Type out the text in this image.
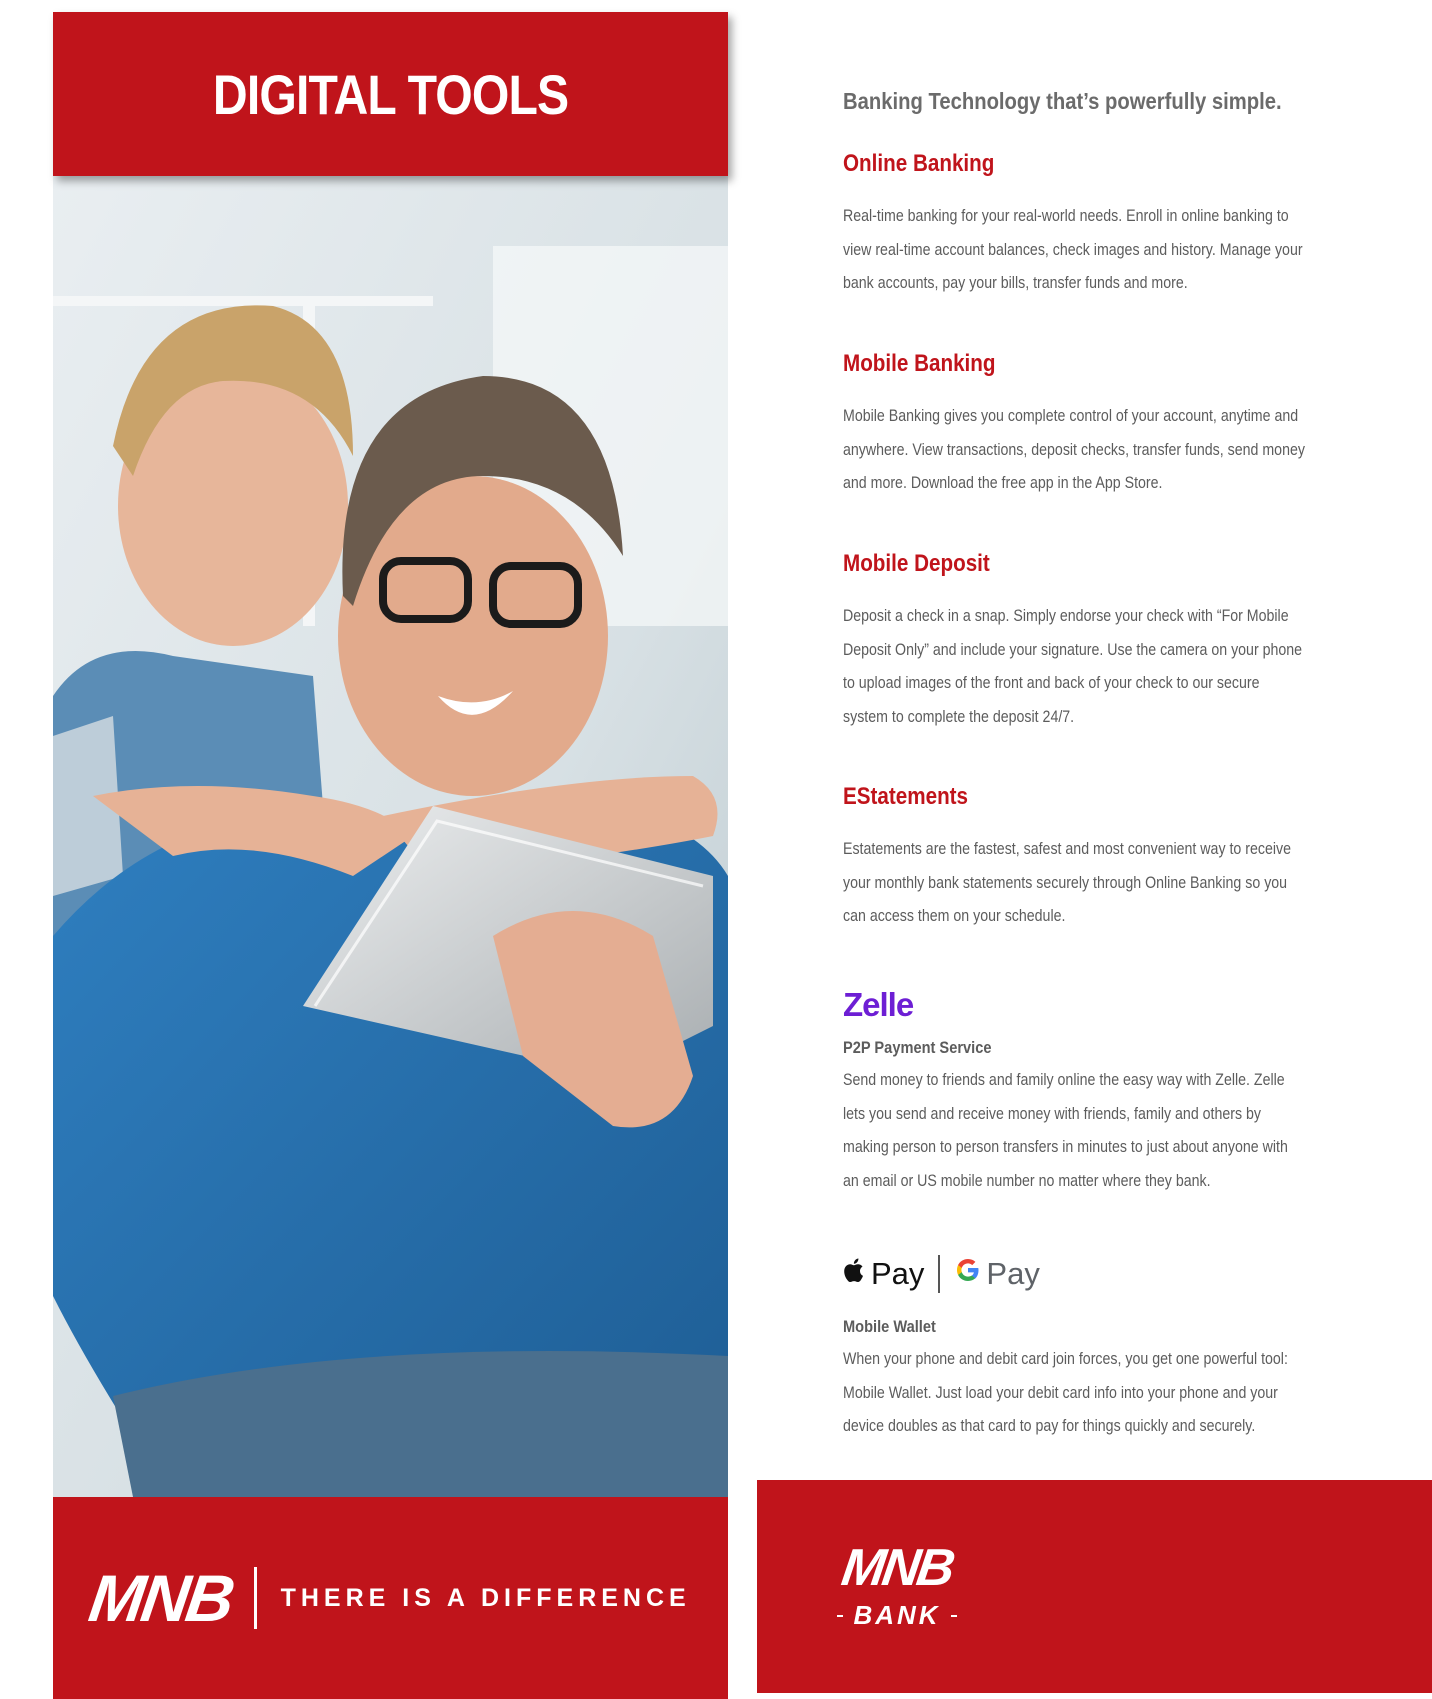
DIGITAL TOOLS
MNB THERE IS A DIFFERENCE

Banking Technology that’s powerfully simple.

Online Banking

Real-time banking for your real-world needs. Enroll in online banking to view real-time account balances, check images and history. Manage your bank accounts, pay your bills, transfer funds and more.

Mobile Banking

Mobile Banking gives you complete control of your account, anytime and anywhere. View transactions, deposit checks, transfer funds, send money and more. Download the free app in the App Store.

Mobile Deposit

Deposit a check in a snap. Simply endorse your check with “For Mobile Deposit Only” and include your signature. Use the camera on your phone to upload images of the front and back of your check to our secure system to complete the deposit 24/7.

EStatements

Estatements are the fastest, safest and most convenient way to receive your monthly bank statements securely through Online Banking so you can access them on your schedule.

Zelle
P2P Payment Service

Send money to friends and family online the easy way with Zelle. Zelle lets you send and receive money with friends, family and others by making person to person transfers in minutes to just about anyone with an email or US mobile number no matter where they bank.

Pay Pay
Mobile Wallet

When your phone and debit card join forces, you get one powerful tool: Mobile Wallet. Just load your debit card info into your phone and your device doubles as that card to pay for things quickly and securely.

MNB
BANK
